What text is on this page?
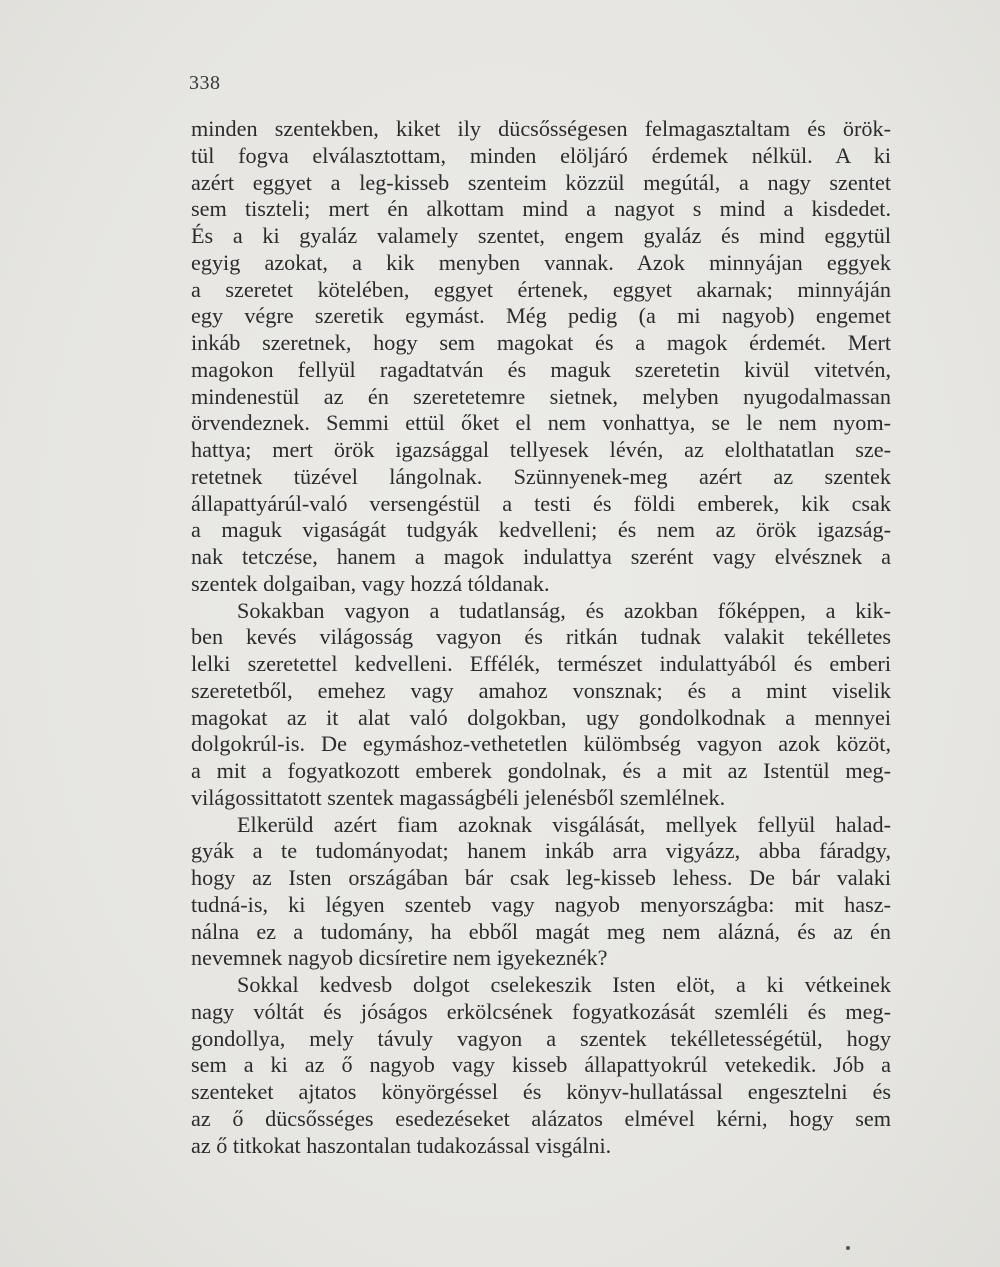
338
minden szentekben, kiket ily dücsősségesen felmagasztaltam és örök-
tül fogva elválasztottam, minden elöljáró érdemek nélkül. A ki
azért eggyet a leg-kisseb szenteim közzül megútál, a nagy szentet
sem tiszteli; mert én alkottam mind a nagyot s mind a kisdedet.
És a ki gyaláz valamely szentet, engem gyaláz és mind eggytül
egyig azokat, a kik menyben vannak. Azok minnyájan eggyek
a szeretet kötelében, eggyet értenek, eggyet akarnak; minnyáján
egy végre szeretik egymást. Még pedig (a mi nagyob) engemet
inkáb szeretnek, hogy sem magokat és a magok érdemét. Mert
magokon fellyül ragadtatván és maguk szeretetin kivül vitetvén,
mindenestül az én szeretetemre sietnek, melyben nyugodalmassan
örvendeznek. Semmi ettül őket el nem vonhattya, se le nem nyom-
hattya; mert örök igazsággal tellyesek lévén, az elolthatatlan sze-
retetnek tüzével lángolnak. Szünnyenek-meg azért az szentek
állapattyárúl-való versengéstül a testi és földi emberek, kik csak
a maguk vigaságát tudgyák kedvelleni; és nem az örök igazság-
nak tetczése, hanem a magok indulattya szerént vagy elvésznek a
szentek dolgaiban, vagy hozzá tóldanak.
Sokakban vagyon a tudatlanság, és azokban főképpen, a kik-
ben kevés világosság vagyon és ritkán tudnak valakit tekélletes
lelki szeretettel kedvelleni. Effélék, természet indulattyából és emberi
szeretetből, emehez vagy amahoz vonsznak; és a mint viselik
magokat az it alat való dolgokban, ugy gondolkodnak a mennyei
dolgokrúl-is. De egymáshoz-vethetetlen külömbség vagyon azok közöt,
a mit a fogyatkozott emberek gondolnak, és a mit az Istentül meg-
világossittatott szentek magasságbéli jelenésből szemlélnek.
Elkerüld azért fiam azoknak visgálását, mellyek fellyül halad-
gyák a te tudományodat; hanem inkáb arra vigyázz, abba fáradgy,
hogy az Isten országában bár csak leg-kisseb lehess. De bár valaki
tudná-is, ki légyen szenteb vagy nagyob menyországba: mit hasz-
nálna ez a tudomány, ha ebből magát meg nem alázná, és az én
nevemnek nagyob dicsíretire nem igyekeznék?
Sokkal kedvesb dolgot cselekeszik Isten elöt, a ki vétkeinek
nagy vóltát és jóságos erkölcsének fogyatkozását szemléli és meg-
gondollya, mely távuly vagyon a szentek tekélletességétül, hogy
sem a ki az ő nagyob vagy kisseb állapattyokrúl vetekedik. Jób a
szenteket ajtatos könyörgéssel és könyv-hullatással engesztelni és
az ő dücsősséges esedezéseket alázatos elmével kérni, hogy sem
az ő titkokat haszontalan tudakozással visgálni.
